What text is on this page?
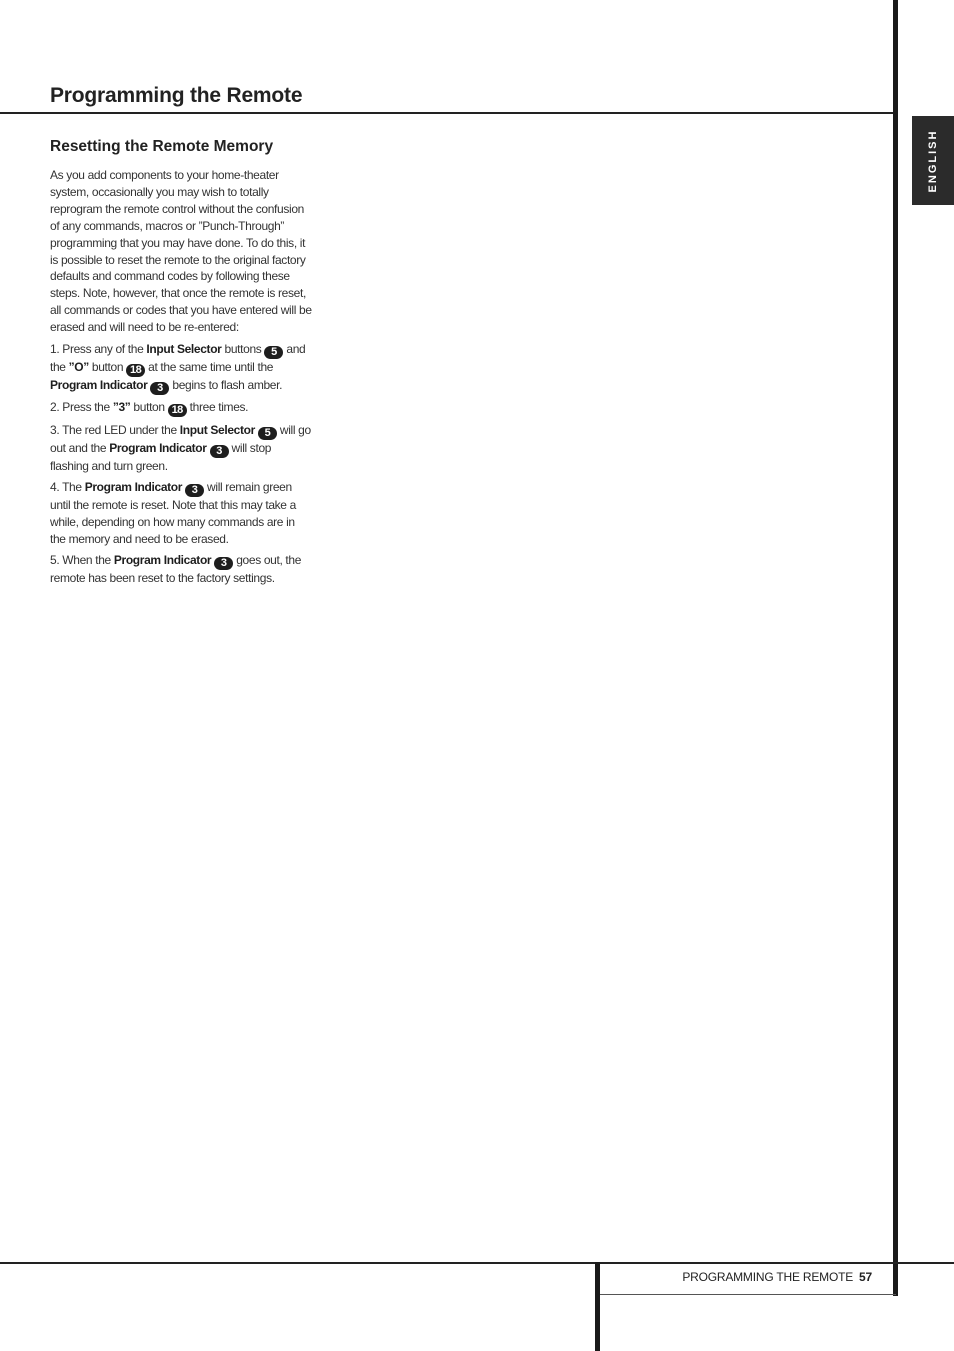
Programming the Remote
ENGLISH
Resetting the Remote Memory

As you add components to your home-theater system, occasionally you may wish to totally reprogram the remote control without the confusion of any commands, macros or ”Punch-Through” programming that you may have done. To do this, it is possible to reset the remote to the original factory defaults and command codes by following these steps. Note, however, that once the remote is reset, all commands or codes that you have entered will be erased and will need to be re-entered:

1. Press any of the Input Selector buttons 5 and the ”O” button 18 at the same time until the Program Indicator 3 begins to flash amber.

2. Press the ”3” button 18 three times.

3. The red LED under the Input Selector 5 will go out and the Program Indicator 3 will stop flashing and turn green.

4. The Program Indicator 3 will remain green until the remote is reset. Note that this may take a while, depending on how many commands are in the memory and need to be erased.

5. When the Program Indicator 3 goes out, the remote has been reset to the factory settings.

PROGRAMMING THE REMOTE 57
